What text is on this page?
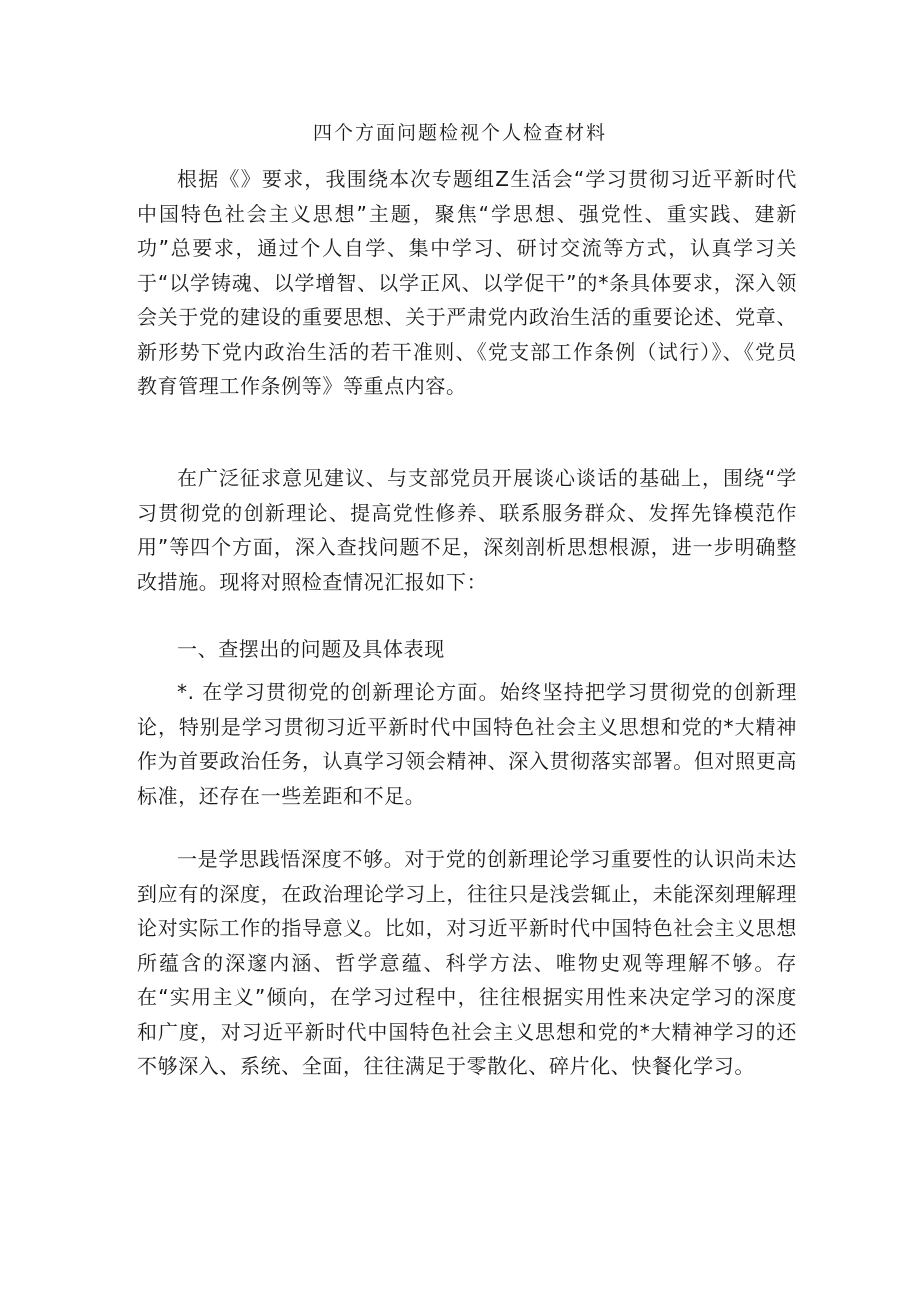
四个方面问题检视个人检查材料

根据《》要求，我围绕本次专题组Z生活会“学习贯彻习近平新时代中国特色社会主义思想”主题，聚焦“学思想、强党性、重实践、建新功”总要求，通过个人自学、集中学习、研讨交流等方式，认真学习关于“以学铸魂、以学增智、以学正风、以学促干”的*条具体要求，深入领会关于党的建设的重要思想、关于严肃党内政治生活的重要论述、党章、新形势下党内政治生活的若干准则、《党支部工作条例（试行）》、《党员教育管理工作条例等》等重点内容。

在广泛征求意见建议、与支部党员开展谈心谈话的基础上，围绕“学习贯彻党的创新理论、提高党性修养、联系服务群众、发挥先锋模范作用”等四个方面，深入查找问题不足，深刻剖析思想根源，进一步明确整改措施。现将对照检查情况汇报如下：

一、查摆出的问题及具体表现

*. 在学习贯彻党的创新理论方面。始终坚持把学习贯彻党的创新理论，特别是学习贯彻习近平新时代中国特色社会主义思想和党的*大精神作为首要政治任务，认真学习领会精神、深入贯彻落实部署。但对照更高标准，还存在一些差距和不足。

一是学思践悟深度不够。对于党的创新理论学习重要性的认识尚未达到应有的深度，在政治理论学习上，往往只是浅尝辄止，未能深刻理解理论对实际工作的指导意义。比如，对习近平新时代中国特色社会主义思想所蕴含的深邃内涵、哲学意蕴、科学方法、唯物史观等理解不够。存在“实用主义”倾向，在学习过程中，往往根据实用性来决定学习的深度和广度，对习近平新时代中国特色社会主义思想和党的*大精神学习的还不够深入、系统、全面，往往满足于零散化、碎片化、快餐化学习。
